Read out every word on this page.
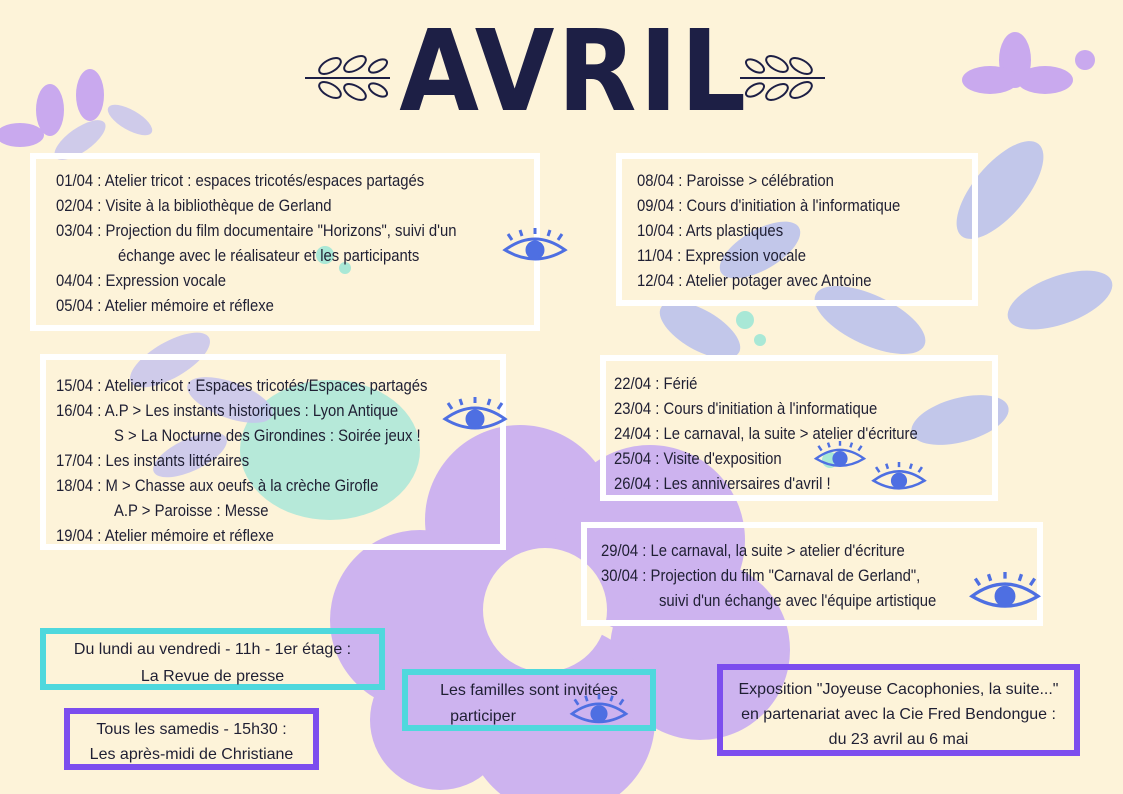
AVRIL
01/04 : Atelier tricot : espaces tricotés/espaces partagés
02/04 : Visite à la bibliothèque de Gerland
03/04 : Projection du film documentaire "Horizons", suivi d'un
échange avec le réalisateur et les participants
04/04 : Expression vocale
05/04 : Atelier mémoire et réflexe
08/04 : Paroisse > célébration
09/04 : Cours d'initiation à l'informatique
10/04 : Arts plastiques
11/04 : Expression vocale
12/04 : Atelier potager avec Antoine
15/04 : Atelier tricot : Espaces tricotés/Espaces partagés
16/04 : A.P > Les instants historiques : Lyon Antique
S > La Nocturne des Girondines : Soirée jeux !
17/04 : Les instants littéraires
18/04 : M > Chasse aux oeufs à la crèche Girofle
A.P > Paroisse : Messe
19/04 : Atelier mémoire et réflexe
22/04 : Férié
23/04 : Cours d'initiation à l'informatique
24/04 : Le carnaval, la suite > atelier d'écriture
25/04 : Visite d'exposition
26/04 : Les anniversaires d'avril !
29/04 : Le carnaval, la suite > atelier d'écriture
30/04 : Projection du film "Carnaval de Gerland",
suivi d'un échange avec l'équipe artistique
Du lundi au vendredi - 11h - 1er étage :
La Revue de presse
Tous les samedis - 15h30 :
Les après-midi de Christiane
Les familles sont invitées
participer
Exposition "Joyeuse Cacophonies, la suite..."
en partenariat avec la Cie Fred Bendongue :
du 23 avril au 6 mai
